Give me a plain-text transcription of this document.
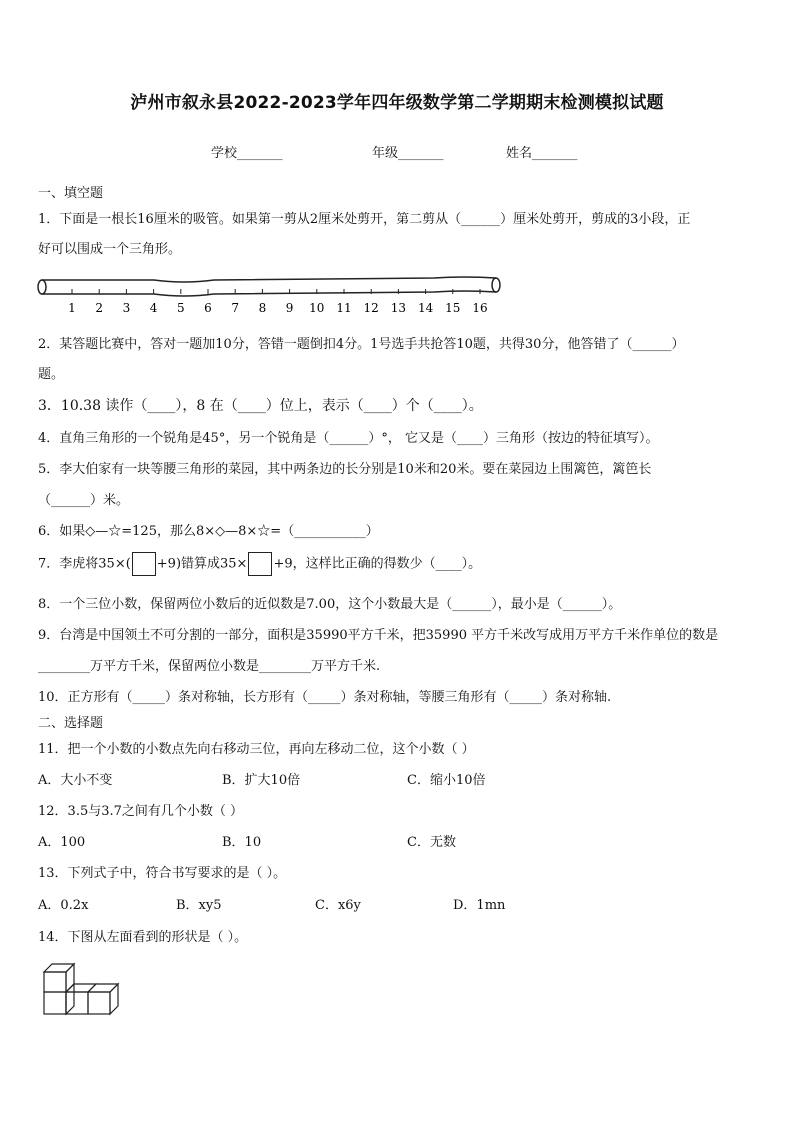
泸州市叙永县2022-2023学年四年级数学第二学期期末检测模拟试题
学校_______	年级_______	姓名_______
一、填空题
1．下面是一根长16厘米的吸管。如果第一剪从2厘米处剪开，第二剪从（______）厘米处剪开，剪成的3小段，正
好可以围成一个三角形。
1 2 3 4 5 6 7 8 9 10 11 12 13 14 15 16
2．某答题比赛中，答对一题加10分，答错一题倒扣4分。1号选手共抢答10题，共得30分，他答错了（______）
题。
3．10.38 读作（____），8 在（____）位上，表示（____）个（____）。
4．直角三角形的一个锐角是45°，另一个锐角是（______）°， 它又是（____）三角形（按边的特征填写）。
5．李大伯家有一块等腰三角形的菜园，其中两条边的长分别是10米和20米。要在菜园边上围篱笆，篱笆长
（______）米。
6．如果◇—☆=125，那么8×◇—8×☆=（___________）
7．李虎将35×( +9)错算成35× +9，这样比正确的得数少（____）。
8．一个三位小数，保留两位小数后的近似数是7.00，这个小数最大是（______），最小是（______）。
9．台湾是中国领土不可分割的一部分，面积是35990平方千米，把35990 平方千米改写成用万平方千米作单位的数是
________万平方千米，保留两位小数是________万平方千米.
10．正方形有（_____）条对称轴，长方形有（_____）条对称轴，等腰三角形有（_____）条对称轴.
二、选择题
11．把一个小数的小数点先向右移动三位，再向左移动二位，这个小数（ ）
A．大小不变	B．扩大10倍	C．缩小10倍
12．3.5与3.7之间有几个小数（ ）
A．100	B．10	C．无数
13．下列式子中，符合书写要求的是（ ）。
A．0.2x	B．xy5	C．x6y	D．1mn
14．下图从左面看到的形状是（ ）。
